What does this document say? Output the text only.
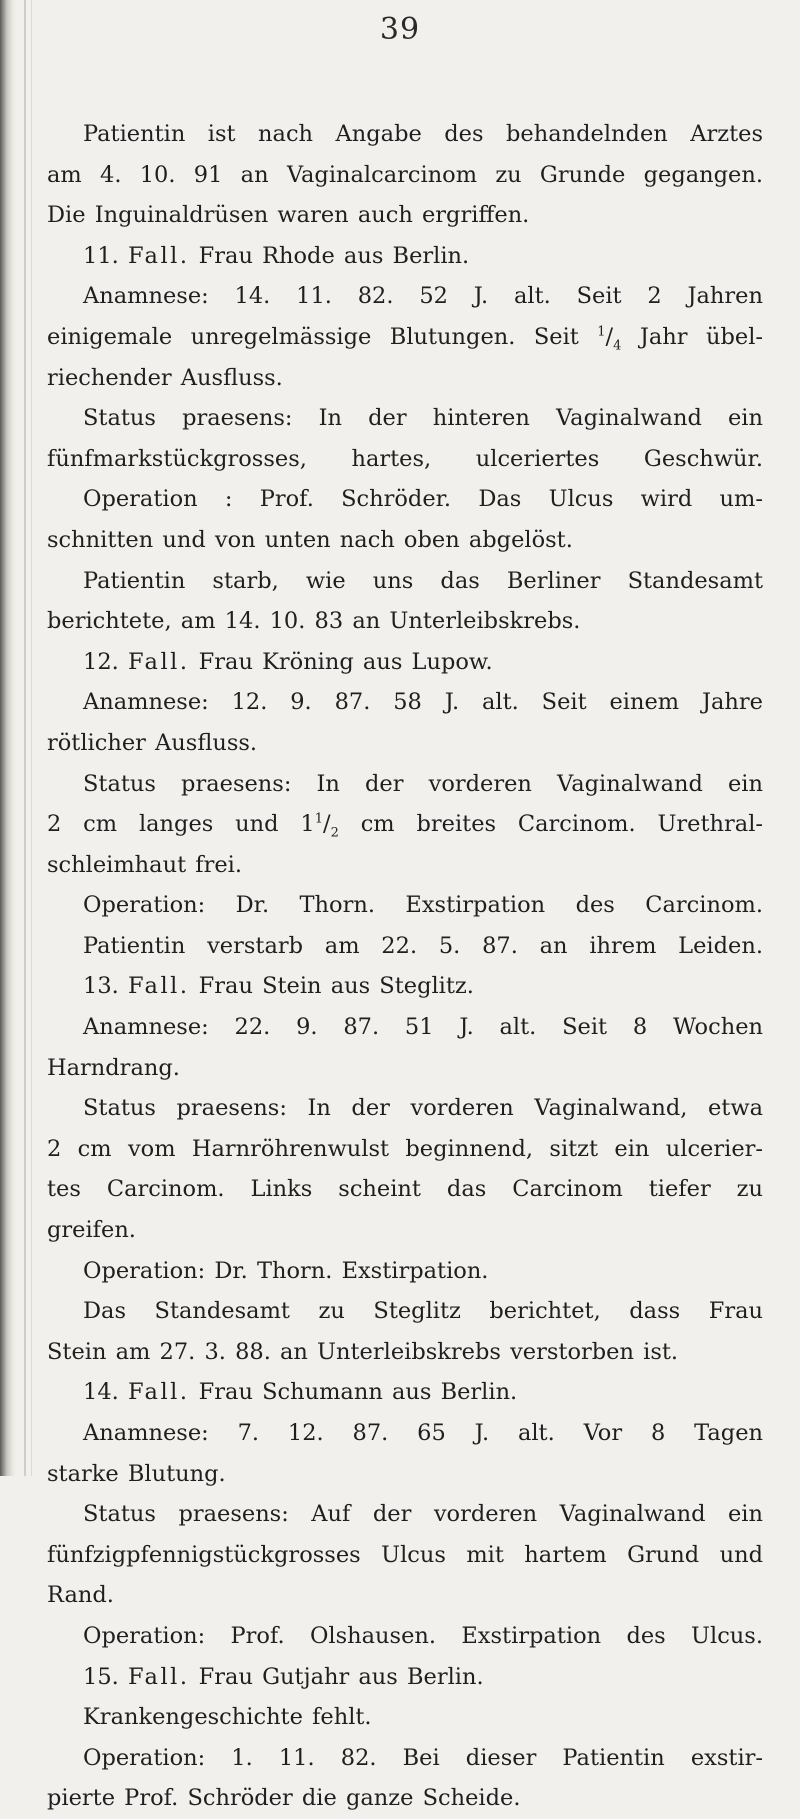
39
Patientin ist nach Angabe des behandelnden Arztes
am 4. 10. 91 an Vaginalcarcinom zu Grunde gegangen.
Die Inguinaldrüsen waren auch ergriffen.
11. Fall. Frau Rhode aus Berlin.
Anamnese: 14. 11. 82. 52 J. alt. Seit 2 Jahren
einigemale unregelmässige Blutungen. Seit $^1/_4$ Jahr übel-
riechender Ausfluss.
Status praesens: In der hinteren Vaginalwand ein
fünfmarkstückgrosses, hartes, ulceriertes Geschwür.
Operation : Prof. Schröder. Das Ulcus wird um-
schnitten und von unten nach oben abgelöst.
Patientin starb, wie uns das Berliner Standesamt
berichtete, am 14. 10. 83 an Unterleibskrebs.
12. Fall. Frau Kröning aus Lupow.
Anamnese: 12. 9. 87. 58 J. alt. Seit einem Jahre
rötlicher Ausfluss.
Status praesens: In der vorderen Vaginalwand ein
2 cm langes und $1^1/_2$ cm breites Carcinom. Urethral-
schleimhaut frei.
Operation: Dr. Thorn. Exstirpation des Carcinom.
Patientin verstarb am 22. 5. 87. an ihrem Leiden.
13. Fall. Frau Stein aus Steglitz.
Anamnese: 22. 9. 87. 51 J. alt. Seit 8 Wochen
Harndrang.
Status praesens: In der vorderen Vaginalwand, etwa
2 cm vom Harnröhrenwulst beginnend, sitzt ein ulcerier-
tes Carcinom. Links scheint das Carcinom tiefer zu
greifen.
Operation: Dr. Thorn. Exstirpation.
Das Standesamt zu Steglitz berichtet, dass Frau
Stein am 27. 3. 88. an Unterleibskrebs verstorben ist.
14. Fall. Frau Schumann aus Berlin.
Anamnese: 7. 12. 87. 65 J. alt. Vor 8 Tagen
starke Blutung.
Status praesens: Auf der vorderen Vaginalwand ein
fünfzigpfennigstückgrosses Ulcus mit hartem Grund und
Rand.
Operation: Prof. Olshausen. Exstirpation des Ulcus.
15. Fall. Frau Gutjahr aus Berlin.
Krankengeschichte fehlt.
Operation: 1. 11. 82. Bei dieser Patientin exstir-
pierte Prof. Schröder die ganze Scheide.
